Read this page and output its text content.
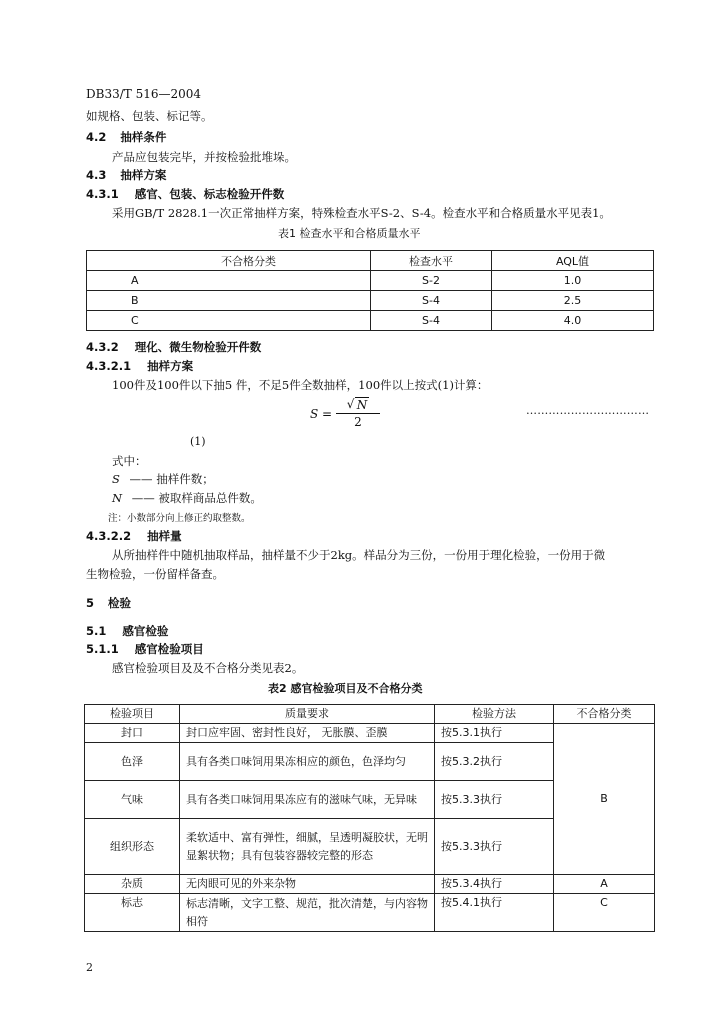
DB33/T 516—2004
如规格、包装、标记等。
4.2 抽样条件
产品应包装完毕，并按检验批堆垛。
4.3 抽样方案
4.3.1 感官、包装、标志检验开件数
采用GB/T 2828.1一次正常抽样方案，特殊检查水平S-2、S-4。检查水平和合格质量水平见表1。
表1 检查水平和合格质量水平
不合格分类	检查水平	AQL值
A	S-2	1.0
B	S-4	2.5
C	S-4	4.0
4.3.2 理化、微生物检验开件数
4.3.2.1 抽样方案
100件及100件以下抽5 件，不足5件全数抽样，100件以上按式(1)计算：
S =
√ N
2
……………………………
(1)
式中：
S —— 抽样件数；
N —— 被取样商品总件数。
注：小数部分向上修正约取整数。
4.3.2.2 抽样量
从所抽样件中随机抽取样品，抽样量不少于2kg。样品分为三份，一份用于理化检验，一份用于微
生物检验，一份留样备查。
5 检验
5.1 感官检验
5.1.1 感官检验项目
感官检验项目及及不合格分类见表2。
表2 感官检验项目及不合格分类
检验项目	质量要求	检验方法	不合格分类
封口	封口应牢固、密封性良好， 无胀膜、歪膜	按5.3.1执行	B
色泽	具有各类口味饲用果冻相应的颜色，色泽均匀	按5.3.2执行	
气味	具有各类口味饲用果冻应有的滋味气味，无异味	按5.3.3执行	
组织形态	柔软适中、富有弹性，细腻，呈透明凝胶状，无明显絮状物；具有包装容器较完整的形态	按5.3.3执行	
杂质	无肉眼可见的外来杂物	按5.3.4执行	A
标志	标志清晰，文字工整、规范，批次清楚，与内容物相符	按5.4.1执行	C
2
